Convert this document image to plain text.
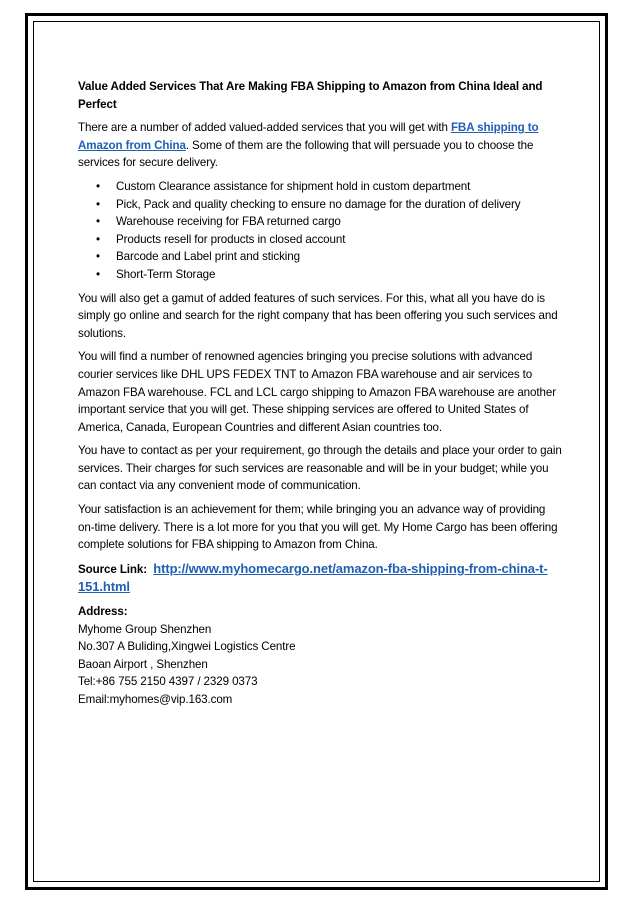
Value Added Services That Are Making FBA Shipping to Amazon from China Ideal and Perfect

There are a number of added valued-added services that you will get with FBA shipping to Amazon from China. Some of them are the following that will persuade you to choose the services for secure delivery.

• Custom Clearance assistance for shipment hold in custom department
• Pick, Pack and quality checking to ensure no damage for the duration of delivery
• Warehouse receiving for FBA returned cargo
• Products resell for products in closed account
• Barcode and Label print and sticking
• Short-Term Storage

You will also get a gamut of added features of such services. For this, what all you have do is simply go online and search for the right company that has been offering you such services and solutions.

You will find a number of renowned agencies bringing you precise solutions with advanced courier services like DHL UPS FEDEX TNT to Amazon FBA warehouse and air services to Amazon FBA warehouse. FCL and LCL cargo shipping to Amazon FBA warehouse are another important service that you will get. These shipping services are offered to United States of America, Canada, European Countries and different Asian countries too.

You have to contact as per your requirement, go through the details and place your order to gain services. Their charges for such services are reasonable and will be in your budget; while you can contact via any convenient mode of communication.

Your satisfaction is an achievement for them; while bringing you an advance way of providing on-time delivery. There is a lot more for you that you will get. My Home Cargo has been offering complete solutions for FBA shipping to Amazon from China.

Source Link: http://www.myhomecargo.net/amazon-fba-shipping-from-china-t-151.html

Address:

Myhome Group Shenzhen

No.307 A Buliding,Xingwei Logistics Centre

Baoan Airport , Shenzhen

Tel:+86 755 2150 4397 / 2329 0373

Email:myhomes@vip.163.com
